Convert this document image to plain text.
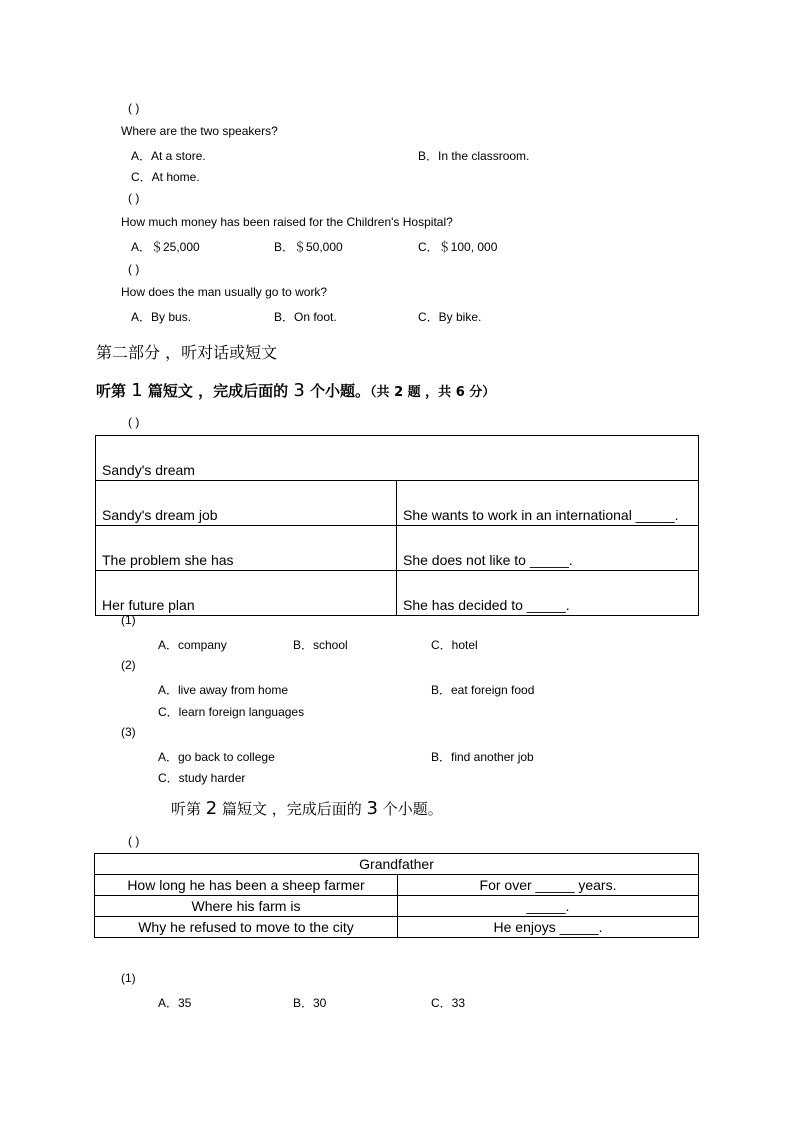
( )
Where are the two speakers?
A．At a store.	B．In the classroom.
C．At home.
( )
How much money has been raised for the Children's Hospital?
A．＄25,000	B．＄50,000	C．＄100, 000
( )
How does the man usually go to work?
A．By bus.	B．On foot.	C．By bike.
第二部分 ，听对话或短文
听第 1 篇短文 ，完成后面的 3 个小题。（共 2 题 ，共 6 分）
( )
Sandy's dream	
Sandy's dream job	She wants to work in an international _____.
The problem she has	She does not like to _____.
Her future plan	She has decided to _____.
(1)
A．company	B．school	C．hotel
(2)
A．live away from home	B．eat foreign food
C．learn foreign languages
(3)
A．go back to college	B．find another job
C．study harder
听第 2 篇短文 ，完成后面的 3 个小题。
( )
Grandfather	
How long he has been a sheep farmer	For over _____ years.
Where his farm is	_____.
Why he refused to move to the city	He enjoys _____.
(1)
A．35	B．30	C．33
